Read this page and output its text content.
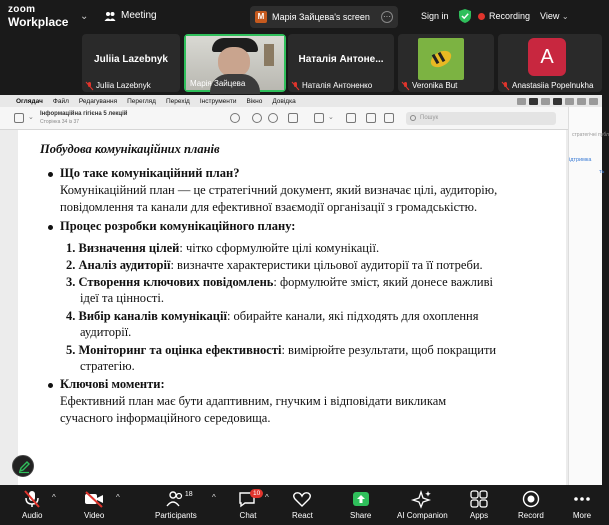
zoom
Workplace ⌄	Meeting	M Марія Зайцева's screen	···	Sign in	Recording View ⌄
Juliia Lazebnyk
Juliia Lazebnyk	Марія Зайцева
Наталія Антоне...
Наталія Антоненко	Veronika But
A
Anastasiia Popelnukha
Оглядач Файл Редагування Перегляд Перехід Інструменти Вікно Довідка
⌄ Інформаційна гігієна 5 лекцій
Сторінка 34 із 37
⌄	Пошук
стратегічні публ
ідтримка
ть
Побудова комунікаційних планів
Що таке комунікаційний план?
Комунікаційний план — це стратегічний документ, який визначає цілі, аудиторію,
повідомлення та канали для ефективної взаємодії організації з громадськістю.
Процес розробки комунікаційного плану:
1. Визначення цілей: чітко сформулюйте цілі комунікації.
2. Аналіз аудиторії: визначте характеристики цільової аудиторії та її потреби.
3. Створення ключових повідомлень: формулюйте зміст, який донесе важливі
ідеї та цінності.
4. Вибір каналів комунікації: обирайте канали, які підходять для охоплення
аудиторії.
5. Моніторинг та оцінка ефективності: вимірюйте результати, щоб покращити
стратегію.
Ключові моменти:
Ефективний план має бути адаптивним, гнучким і відповідати викликам
сучасного інформаційного середовища.
24
Audio
^
Video
^	18
Participants
^	10
Chat
^
React	Share	AI Companion	Apps	Record	More
